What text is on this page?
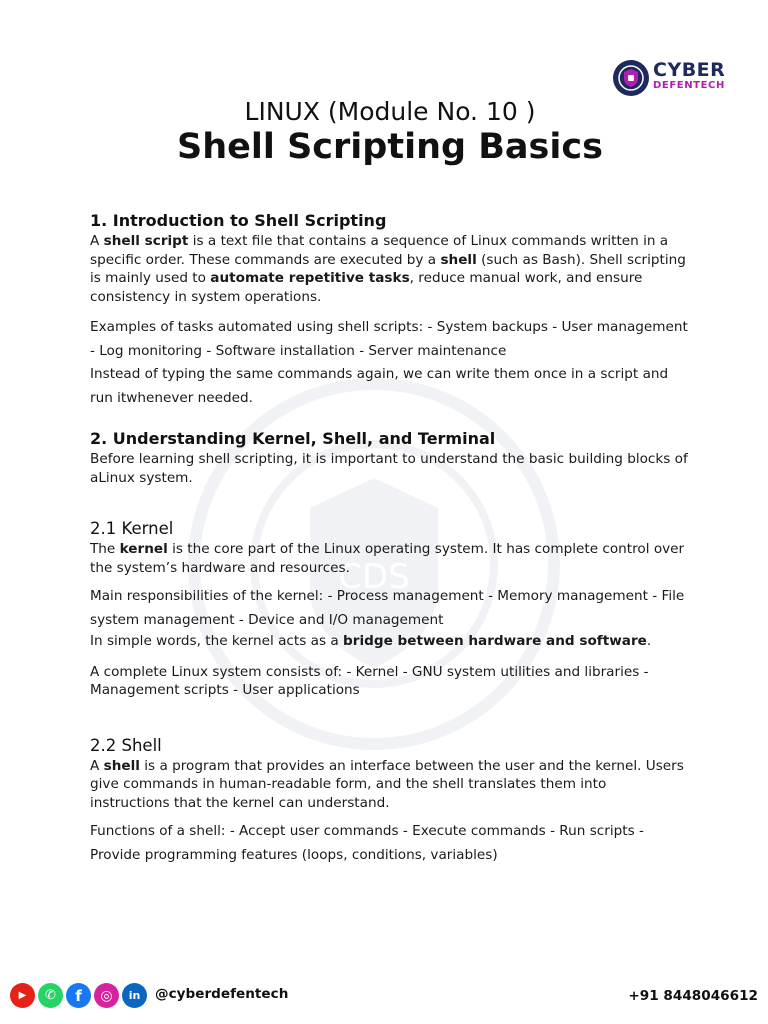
CDS
CYBER
DEFENTECH
LINUX (Module No. 10 )
Shell Scripting Basics
1. Introduction to Shell Scripting

A shell script is a text file that contains a sequence of Linux commands written in a specific order. These commands are executed by a shell (such as Bash). Shell scripting is mainly used to automate repetitive tasks, reduce manual work, and ensure consistency in system operations.

Examples of tasks automated using shell scripts: - System backups - User management - Log monitoring - Software installation - Server maintenance

Instead of typing the same commands again, we can write them once in a script and run itwhenever needed.

2. Understanding Kernel, Shell, and Terminal

Before learning shell scripting, it is important to understand the basic building blocks of aLinux system.

2.1 Kernel

The kernel is the core part of the Linux operating system. It has complete control over the system’s hardware and resources.

Main responsibilities of the kernel: - Process management - Memory management - File system management - Device and I/O management

In simple words, the kernel acts as a bridge between hardware and software.

A complete Linux system consists of: - Kernel - GNU system utilities and libraries - Management scripts - User applications

2.2 Shell

A shell is a program that provides an interface between the user and the kernel. Users give commands in human-readable form, and the shell translates them into instructions that the kernel can understand.

Functions of a shell: - Accept user commands - Execute commands - Run scripts - Provide programming features (loops, conditions, variables)

▶ ✆ f ◎ in @cyberdefentech	+91 8448046612
